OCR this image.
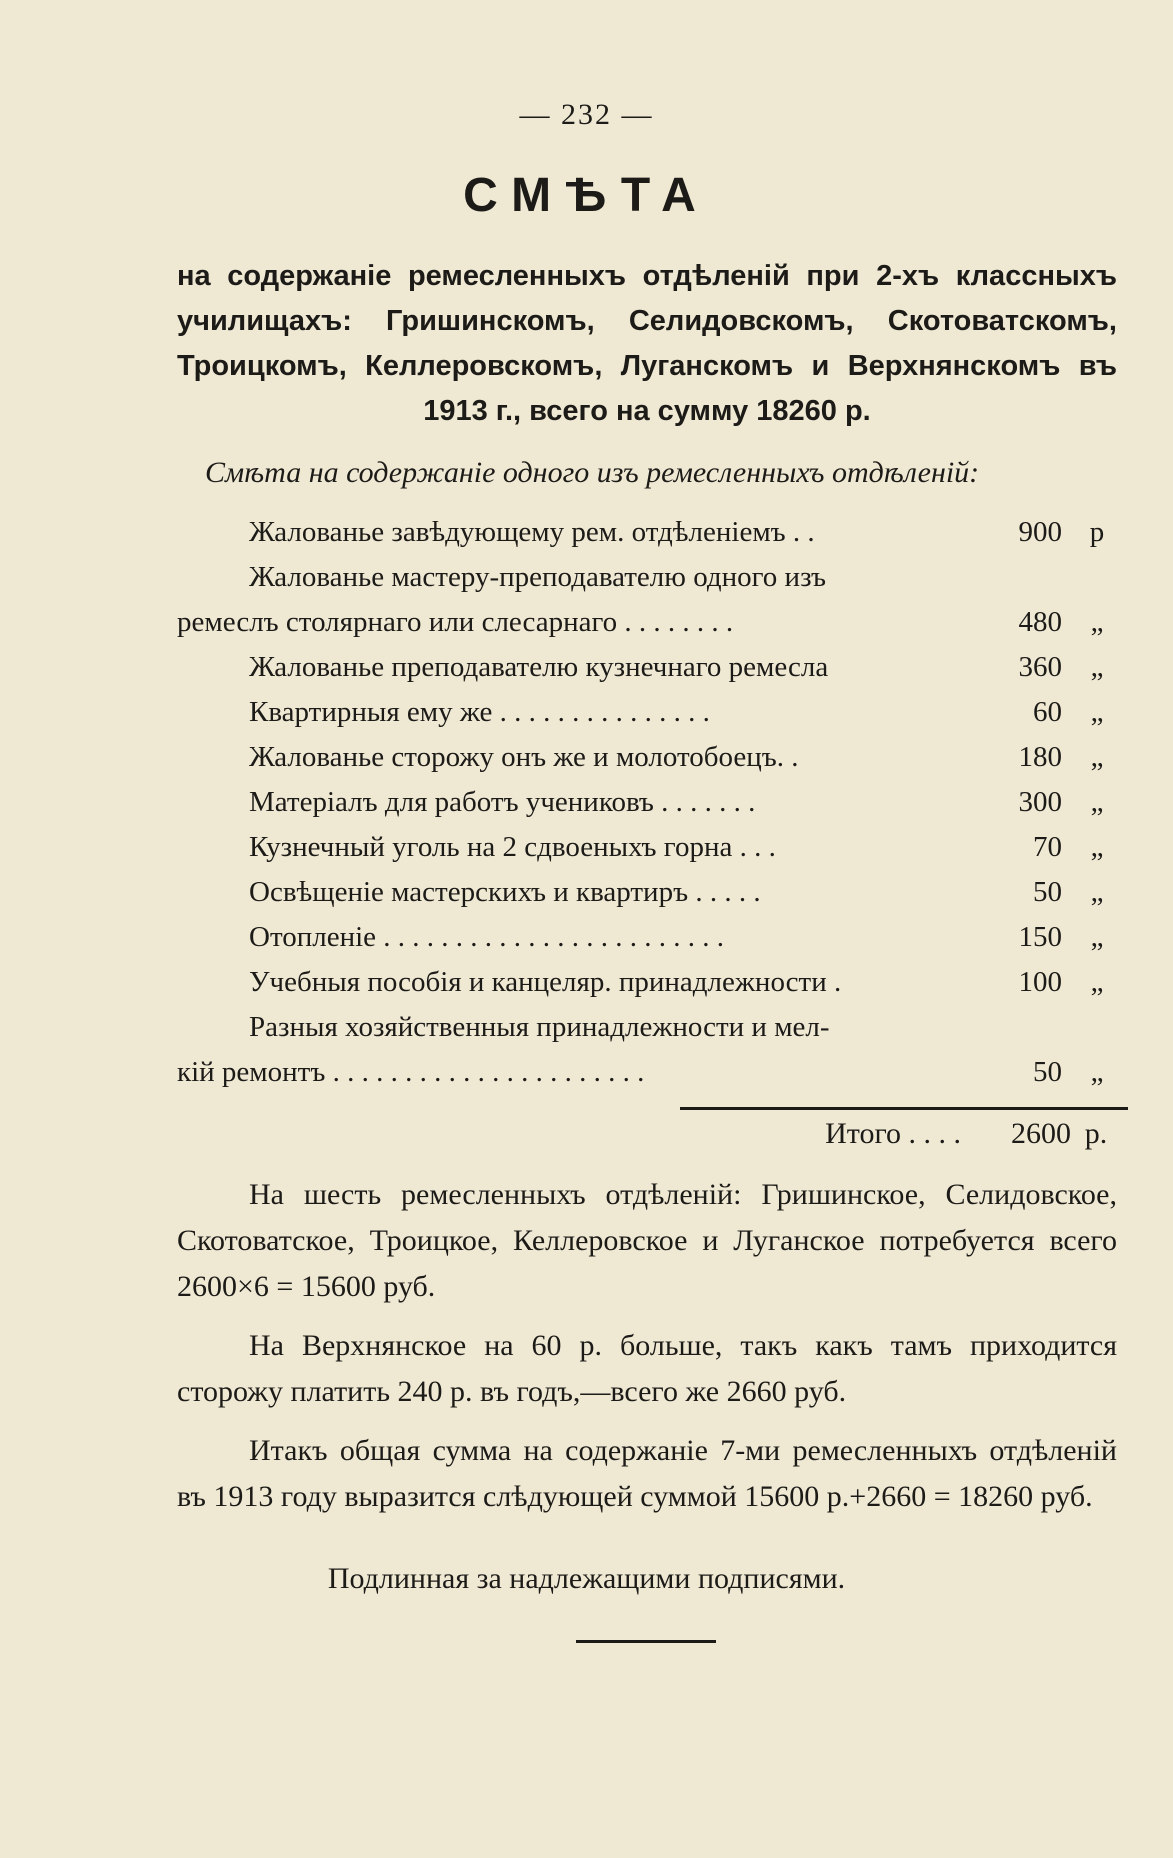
— 232 —
СМѢТА
на содержаніе ремесленныхъ отдѣленій при 2-хъ классныхъ училищахъ: Гришинскомъ, Селидовскомъ, Скотоватскомъ, Троицкомъ, Келлеровскомъ, Луганскомъ и Верхнянскомъ въ 1913 г., всего на сумму 18260 р.
Смѣта на содержаніе одного изъ ремесленныхъ отдѣленій:
Жалованье завѣдующему рем. отдѣленіемъ . .	900 р
Жалованье мастеру-преподавателю одного изъ
ремеслъ столярнаго или слесарнаго . . . . . . . .	480 „
Жалованье преподавателю кузнечнаго ремесла	360 „
Квартирныя ему же . . . . . . . . . . . . . . .	60 „
Жалованье сторожу онъ же и молотобоецъ. .	180 „
Матеріалъ для работъ учениковъ . . . . . . .	300 „
Кузнечный уголь на 2 сдвоеныхъ горна . . .	70 „
Освѣщеніе мастерскихъ и квартиръ . . . . .	50 „
Отопленіе . . . . . . . . . . . . . . . . . . . . . . . .	150 „
Учебныя пособія и канцеляр. принадлежности .	100 „
Разныя хозяйственныя принадлежности и мел-
кій ремонтъ . . . . . . . . . . . . . . . . . . . . . .	50 „
Итого . . . .	2600 р.

На шесть ремесленныхъ отдѣленій: Гришинское, Селидовское, Скотоватское, Троицкое, Келлеровское и Луганское потребуется всего 2600×6 = 15600 руб.

На Верхнянское на 60 р. больше, такъ какъ тамъ приходится сторожу платить 240 р. въ годъ,—всего же 2660 руб.

Итакъ общая сумма на содержаніе 7-ми ремесленныхъ отдѣленій въ 1913 году выразится слѣдующей суммой 15600 р.+2660 = 18260 руб.

Подлинная за надлежащими подписями.
